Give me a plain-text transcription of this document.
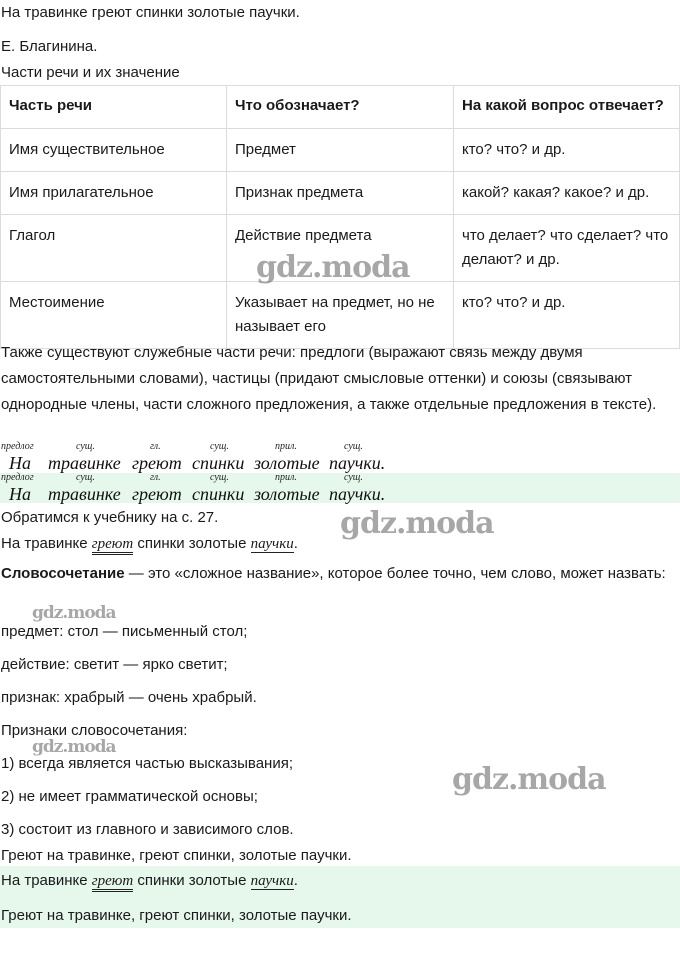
На травинке греют спинки золотые паучки.
Е. Благинина.
Части речи и их значение
Часть речи	Что обозначает?	На какой вопрос отвечает?
Имя существительное	Предмет	кто? что? и др.
Имя прилагательное	Признак предмета	какой? какая? какое? и др.
Глагол	Действие предмета	что делает? что сделает? что делают? и др.
Местоимение	Указывает на предмет, но не называет его	кто? что? и др.
Также существуют служебные части речи: предлоги (выражают связь между двумя самостоятельными словами), частицы (придают смысловые оттенки) и союзы (связывают однородные члены, части сложного предложения, а также отдельные предложения в тексте).
предлог	сущ.	гл.	сущ.	прил.	сущ.
На травинке греют спинки золотые паучки.
предлог	сущ.	гл.	сущ.	прил.	сущ.
На травинке греют спинки золотые паучки.
Обратимся к учебнику на с. 27.
На травинке греют спинки золотые паучки.
Словосочетание — это «сложное название», которое более точно, чем слово, может назвать:
предмет: стол — письменный стол;
действие: светит — ярко светит;
признак: храбрый — очень храбрый.
Признаки словосочетания:
1) всегда является частью высказывания;
2) не имеет грамматической основы;
3) состоит из главного и зависимого слов.
Греют на травинке, греют спинки, золотые паучки.
На травинке греют спинки золотые паучки.
Греют на травинке, греют спинки, золотые паучки.
gdz.moda
gdz.moda
gdz.moda
gdz.moda
gdz.moda
